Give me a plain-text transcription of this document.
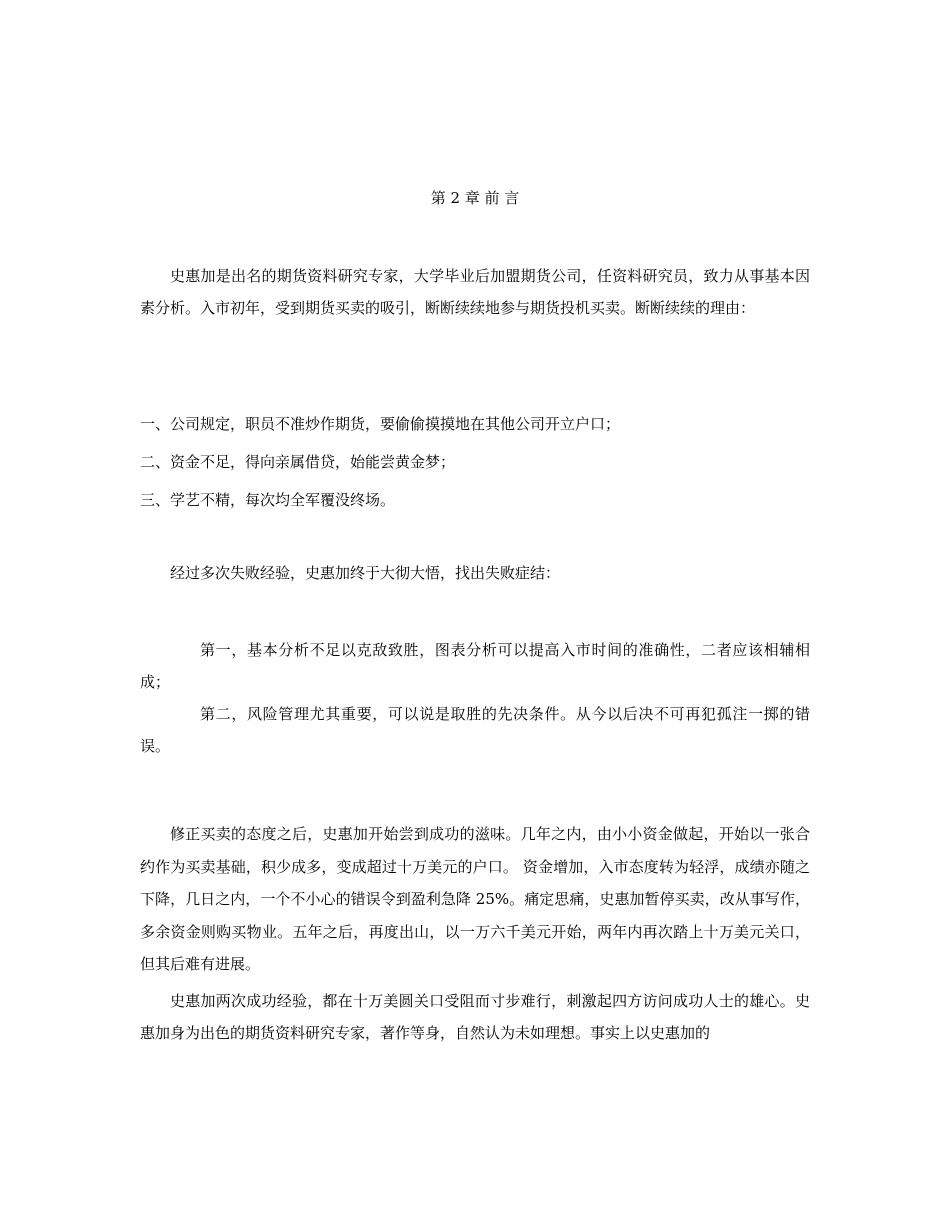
第 2 章 前 言

史惠加是出名的期货资料研究专家，大学毕业后加盟期货公司，任资料研究员，致力从事基本因素分析。入市初年，受到期货买卖的吸引，断断续续地参与期货投机买卖。断断续续的理由：

一、公司规定，职员不准炒作期货，要偷偷摸摸地在其他公司开立户口；

二、资金不足，得向亲属借贷，始能尝黄金梦；

三、学艺不精，每次均全军覆没终场。

经过多次失败经验，史惠加终于大彻大悟，找出失败症结：

第一，基本分析不足以克敌致胜，图表分析可以提高入市时间的准确性，二者应该相辅相成；

第二，风险管理尤其重要，可以说是取胜的先决条件。从今以后决不可再犯孤注一掷的错误。

修正买卖的态度之后，史惠加开始尝到成功的滋味。几年之内，由小小资金做起，开始以一张合约作为买卖基础，积少成多，变成超过十万美元的户口。 资金增加，入市态度转为轻浮，成绩亦随之下降，几日之内，一个不小心的错误令到盈利急降 25%。痛定思痛，史惠加暂停买卖，改从事写作，多余资金则购买物业。五年之后，再度出山，以一万六千美元开始，两年内再次踏上十万美元关口，但其后难有进展。

史惠加两次成功经验，都在十万美圆关口受阻而寸步难行，刺激起四方访问成功人士的雄心。史惠加身为出色的期货资料研究专家，著作等身，自然认为未如理想。事实上以史惠加的
